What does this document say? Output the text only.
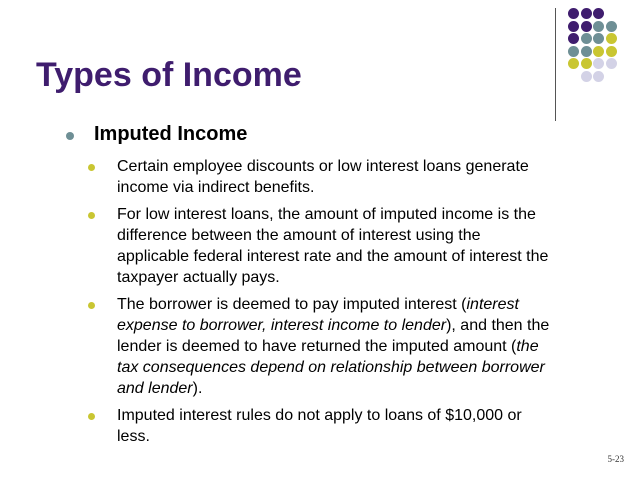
Types of Income
Imputed Income
Certain employee discounts or low interest loans generate
income via indirect benefits.
For low interest loans, the amount of imputed income is the
difference between the amount of interest using the
applicable federal interest rate and the amount of interest the
taxpayer actually pays.
The borrower is deemed to pay imputed interest (interest
expense to borrower, interest income to lender), and then the
lender is deemed to have returned the imputed amount (the
tax consequences depend on relationship between borrower
and lender).
Imputed interest rules do not apply to loans of $10,000 or
less.
5-23
